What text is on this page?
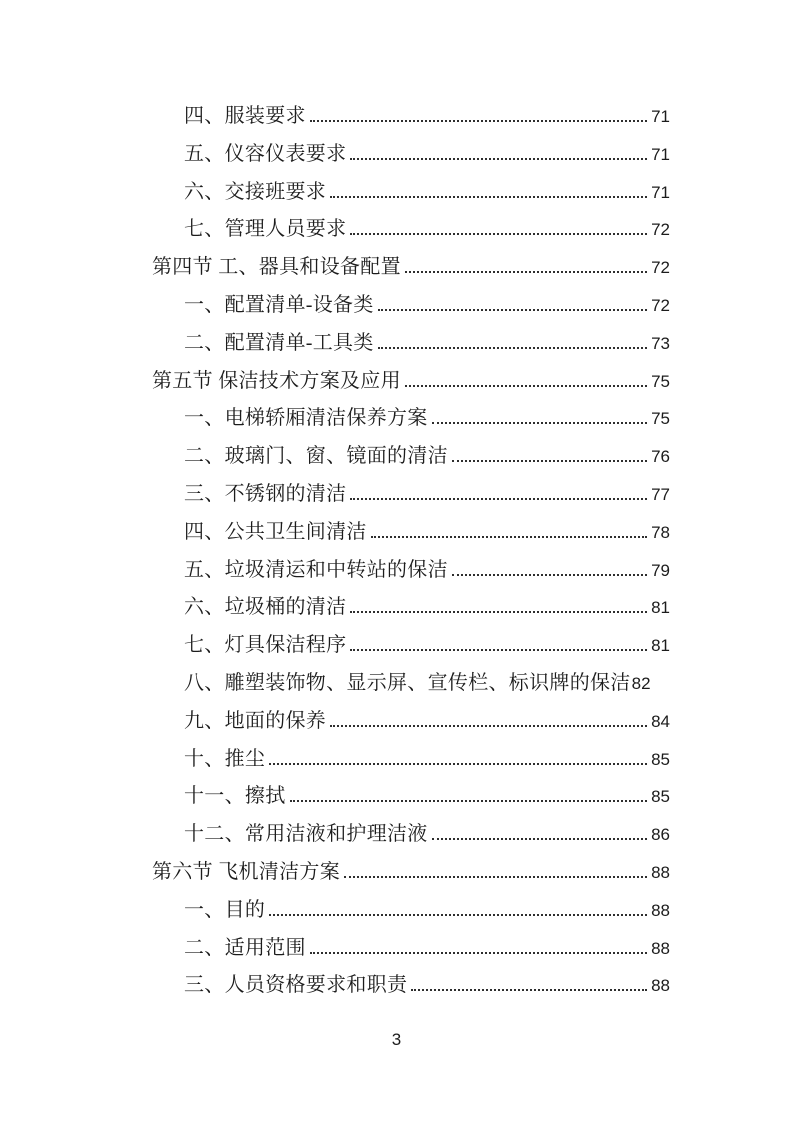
四、服装要求	71
五、仪容仪表要求	71
六、交接班要求	71
七、管理人员要求	72
第四节 工、器具和设备配置	72
一、配置清单-设备类	72
二、配置清单-工具类	73
第五节 保洁技术方案及应用	75
一、电梯轿厢清洁保养方案	75
二、玻璃门、窗、镜面的清洁	76
三、不锈钢的清洁	77
四、公共卫生间清洁	78
五、垃圾清运和中转站的保洁	79
六、垃圾桶的清洁	81
七、灯具保洁程序	81
八、雕塑装饰物、显示屏、宣传栏、标识牌的保洁 82
九、地面的保养	84
十、推尘	85
十一、擦拭	85
十二、常用洁液和护理洁液	86
第六节 飞机清洁方案	88
一、目的	88
二、适用范围	88
三、人员资格要求和职责	88
3
